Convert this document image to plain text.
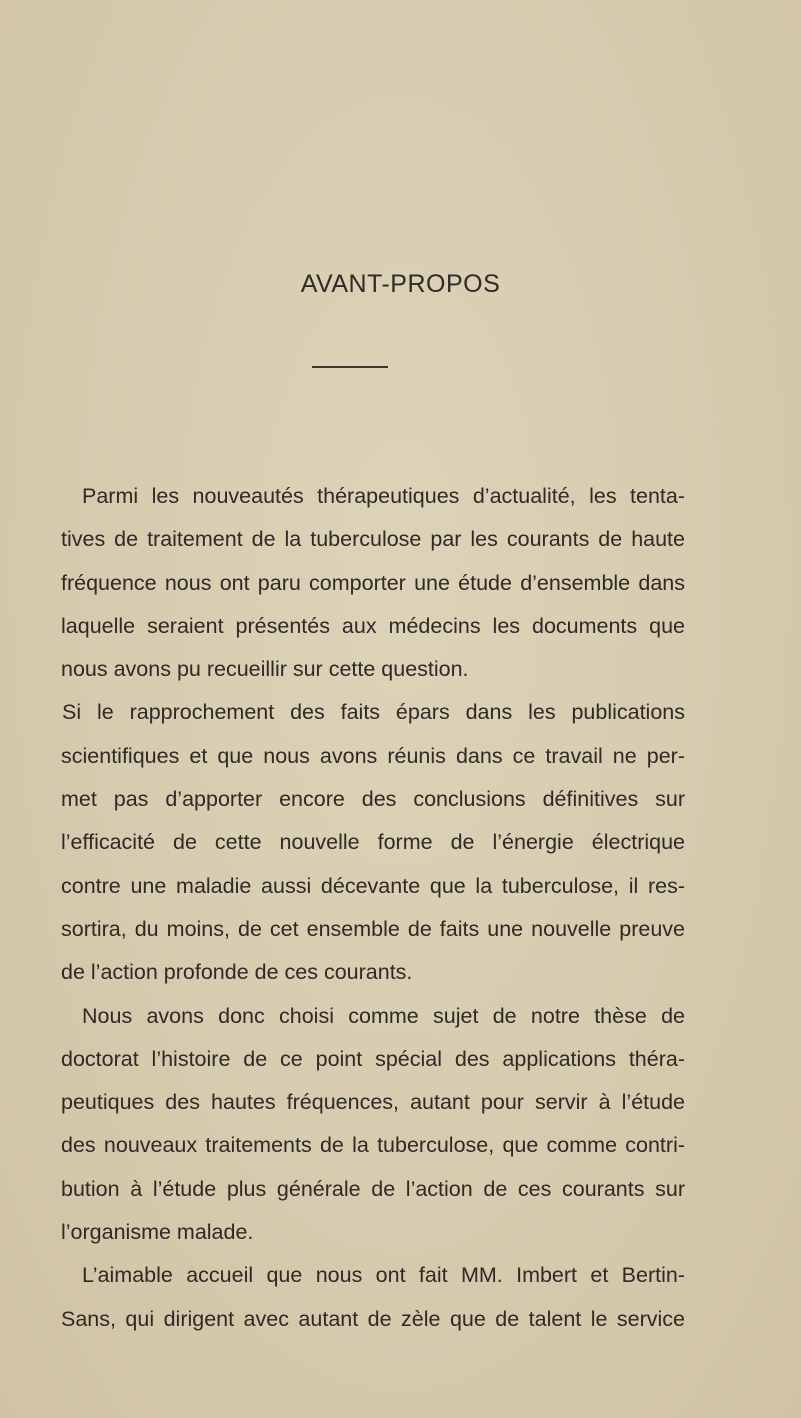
AVANT-PROPOS
Parmi les nouveautés thérapeutiques d’actualité, les tenta-
tives de traitement de la tuberculose par les courants de haute
fréquence nous ont paru comporter une étude d’ensemble dans
laquelle seraient présentés aux médecins les documents que
nous avons pu recueillir sur cette question.
Si le rapprochement des faits épars dans les publications
scientifiques et que nous avons réunis dans ce travail ne per-
met pas d’apporter encore des conclusions définitives sur
l’efficacité de cette nouvelle forme de l’énergie électrique
contre une maladie aussi décevante que la tuberculose, il res-
sortira, du moins, de cet ensemble de faits une nouvelle preuve
de l’action profonde de ces courants.
Nous avons donc choisi comme sujet de notre thèse de
doctorat l’histoire de ce point spécial des applications théra-
peutiques des hautes fréquences, autant pour servir à l’étude
des nouveaux traitements de la tuberculose, que comme contri-
bution à l’étude plus générale de l’action de ces courants sur
l’organisme malade.
L’aimable accueil que nous ont fait MM. Imbert et Bertin-
Sans, qui dirigent avec autant de zèle que de talent le service
